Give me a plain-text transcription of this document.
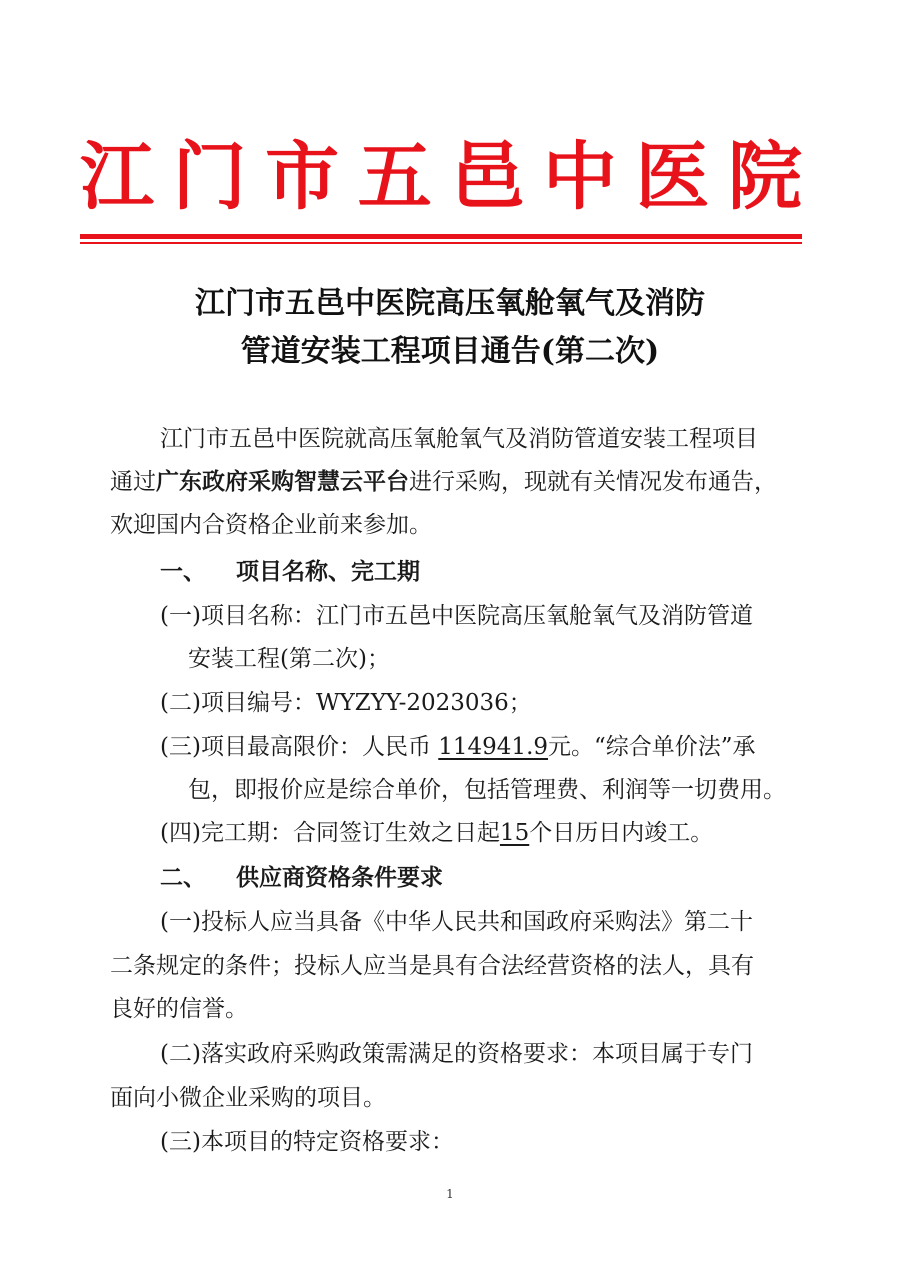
江 门 市 五 邑 中 医 院
江门市五邑中医院高压氧舱氧气及消防
管道安装工程项目通告(第二次)
江门市五邑中医院就高压氧舱氧气及消防管道安装工程项目
通过广东政府采购智慧云平台进行采购，现就有关情况发布通告，
欢迎国内合资格企业前来参加。
一、 项目名称、完工期
(一)项目名称：江门市五邑中医院高压氧舱氧气及消防管道
安装工程(第二次)；
(二)项目编号：WYZYY-2023036；
(三)项目最高限价：人民币 114941.9元。“综合单价法”承
包，即报价应是综合单价，包括管理费、利润等一切费用。
(四)完工期：合同签订生效之日起15个日历日内竣工。
二、 供应商资格条件要求
(一)投标人应当具备《中华人民共和国政府采购法》第二十
二条规定的条件；投标人应当是具有合法经营资格的法人，具有
良好的信誉。
(二)落实政府采购政策需满足的资格要求：本项目属于专门
面向小微企业采购的项目。
(三)本项目的特定资格要求：
1
